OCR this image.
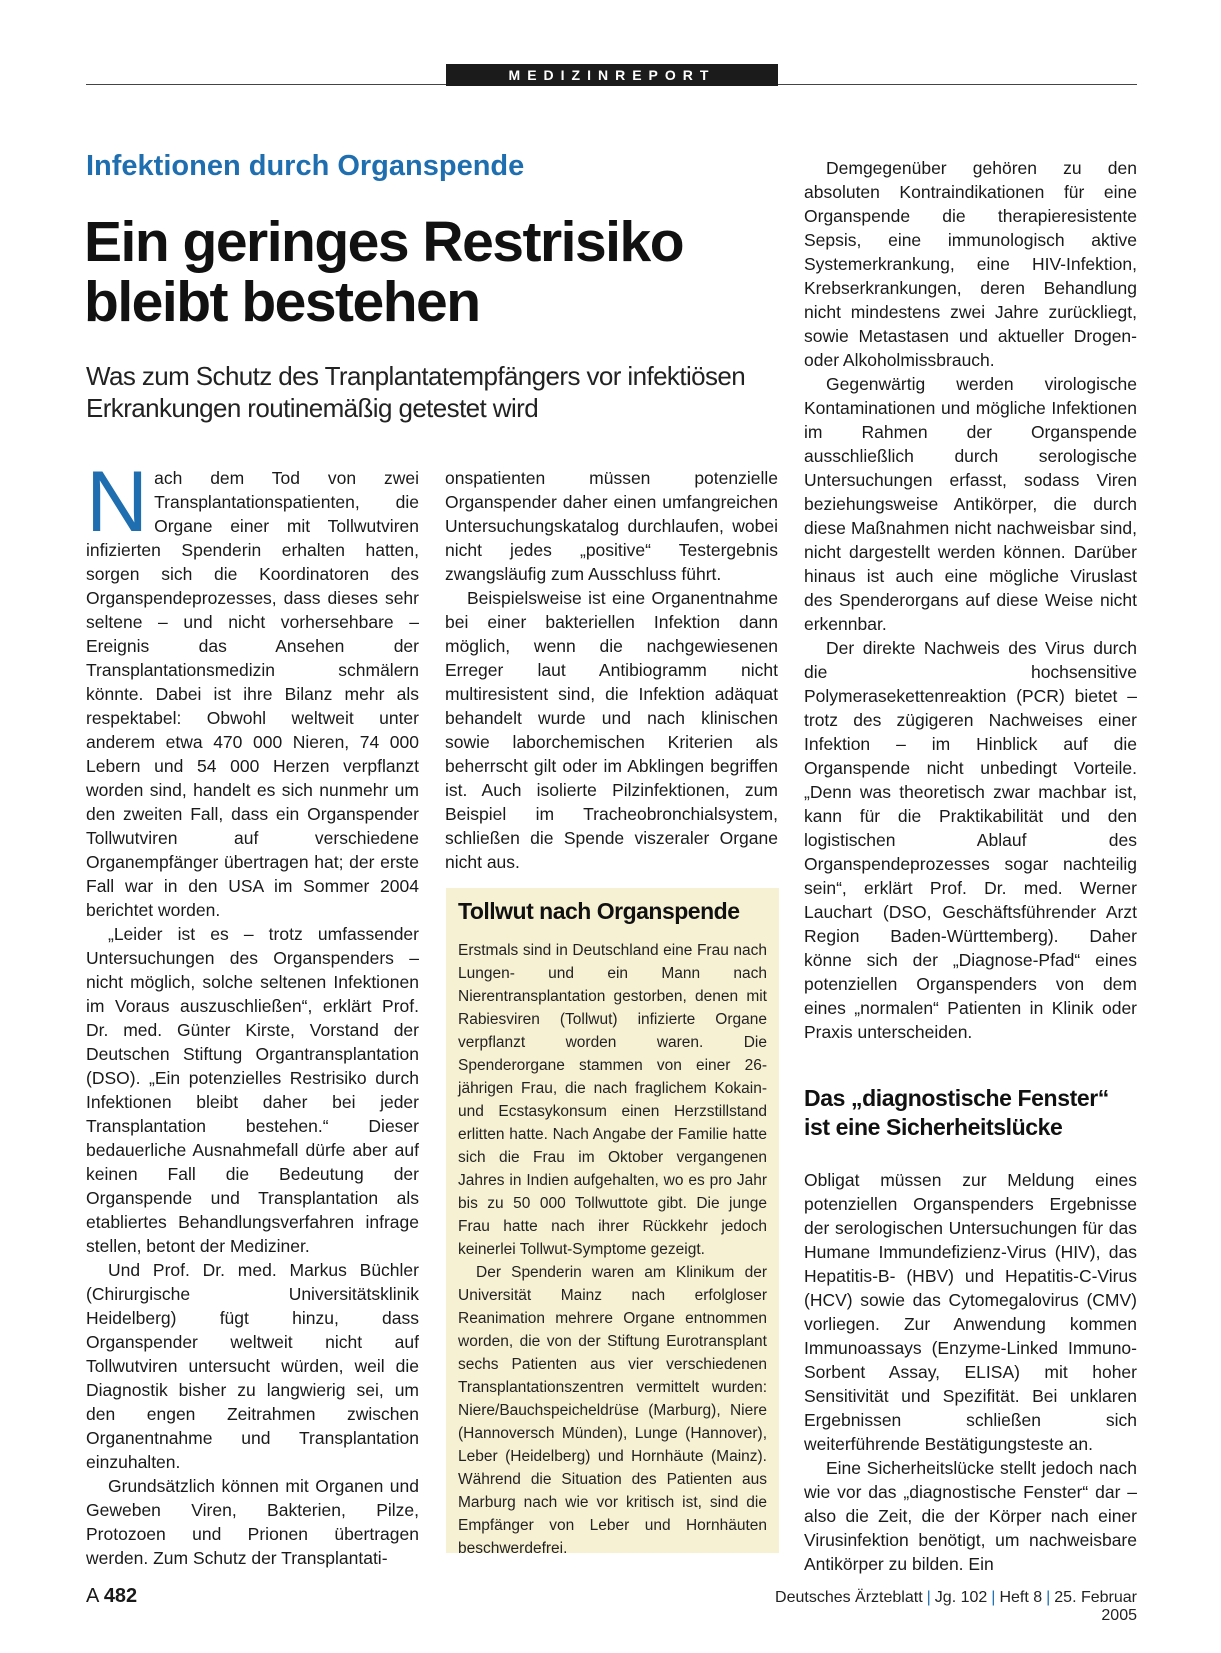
MEDIZINREPORT
Infektionen durch Organspende
Ein geringes Restrisiko
bleibt bestehen
Was zum Schutz des Tranplantatempfängers vor infektiösen
Erkrankungen routinemäßig getestet wird
N ach dem Tod von zwei Transplantationspatienten, die Organe einer mit Tollwutviren infizierten Spenderin erhalten hatten, sorgen sich die Koordinatoren des Organspendeprozesses, dass dieses sehr seltene – und nicht vorhersehbare – Ereignis das Ansehen der Transplantationsmedizin schmälern könnte. Dabei ist ihre Bilanz mehr als respektabel: Obwohl weltweit unter anderem etwa 470 000 Nieren, 74 000 Lebern und 54 000 Herzen verpflanzt worden sind, handelt es sich nunmehr um den zweiten Fall, dass ein Organspender Tollwutviren auf verschiedene Organempfänger übertragen hat; der erste Fall war in den USA im Sommer 2004 berichtet worden.

„Leider ist es – trotz umfassender Untersuchungen des Organspenders – nicht möglich, solche seltenen Infektionen im Voraus auszuschließen“, erklärt Prof. Dr. med. Günter Kirste, Vorstand der Deutschen Stiftung Organtransplantation (DSO). „Ein potenzielles Restrisiko durch Infektionen bleibt daher bei jeder Transplantation bestehen.“ Dieser bedauerliche Ausnahmefall dürfe aber auf keinen Fall die Bedeutung der Organspende und Transplantation als etabliertes Behandlungsverfahren infrage stellen, betont der Mediziner.

Und Prof. Dr. med. Markus Büchler (Chirurgische Universitätsklinik Heidelberg) fügt hinzu, dass Organspender weltweit nicht auf Tollwutviren untersucht würden, weil die Diagnostik bisher zu langwierig sei, um den engen Zeitrahmen zwischen Organentnahme und Transplantation einzuhalten.

Grundsätzlich können mit Organen und Geweben Viren, Bakterien, Pilze, Protozoen und Prionen übertragen werden. Zum Schutz der Transplantati-

onspatienten müssen potenzielle Organspender daher einen umfangreichen Untersuchungskatalog durchlaufen, wobei nicht jedes „positive“ Testergebnis zwangsläufig zum Ausschluss führt.

Beispielsweise ist eine Organentnahme bei einer bakteriellen Infektion dann möglich, wenn die nachgewiesenen Erreger laut Antibiogramm nicht multiresistent sind, die Infektion adäquat behandelt wurde und nach klinischen sowie laborchemischen Kriterien als beherrscht gilt oder im Abklingen begriffen ist. Auch isolierte Pilzinfektionen, zum Beispiel im Tracheobronchialsystem, schließen die Spende viszeraler Organe nicht aus.

Tollwut nach Organspende

Erstmals sind in Deutschland eine Frau nach Lungen- und ein Mann nach Nierentransplantation gestorben, denen mit Rabiesviren (Tollwut) infizierte Organe verpflanzt worden waren. Die Spenderorgane stammen von einer 26-jährigen Frau, die nach fraglichem Kokain- und Ecstasykonsum einen Herzstillstand erlitten hatte. Nach Angabe der Familie hatte sich die Frau im Oktober vergangenen Jahres in Indien aufgehalten, wo es pro Jahr bis zu 50 000 Tollwuttote gibt. Die junge Frau hatte nach ihrer Rückkehr jedoch keinerlei Tollwut-Symptome gezeigt.

Der Spenderin waren am Klinikum der Universität Mainz nach erfolgloser Reanimation mehrere Organe entnommen worden, die von der Stiftung Eurotransplant sechs Patienten aus vier verschiedenen Transplantationszentren vermittelt wurden: Niere/Bauchspeicheldrüse (Marburg), Niere (Hannoversch Münden), Lunge (Hannover), Leber (Heidelberg) und Hornhäute (Mainz). Während die Situation des Patienten aus Marburg nach wie vor kritisch ist, sind die Empfänger von Leber und Hornhäuten beschwerdefrei.

Demgegenüber gehören zu den absoluten Kontraindikationen für eine Organspende die therapieresistente Sepsis, eine immunologisch aktive Systemerkrankung, eine HIV-Infektion, Krebserkrankungen, deren Behandlung nicht mindestens zwei Jahre zurückliegt, sowie Metastasen und aktueller Drogen- oder Alkoholmissbrauch.

Gegenwärtig werden virologische Kontaminationen und mögliche Infektionen im Rahmen der Organspende ausschließlich durch serologische Untersuchungen erfasst, sodass Viren beziehungsweise Antikörper, die durch diese Maßnahmen nicht nachweisbar sind, nicht dargestellt werden können. Darüber hinaus ist auch eine mögliche Viruslast des Spenderorgans auf diese Weise nicht erkennbar.

Der direkte Nachweis des Virus durch die hochsensitive Polymerasekettenreaktion (PCR) bietet – trotz des zügigeren Nachweises einer Infektion – im Hinblick auf die Organspende nicht unbedingt Vorteile. „Denn was theoretisch zwar machbar ist, kann für die Praktikabilität und den logistischen Ablauf des Organspendeprozesses sogar nachteilig sein“, erklärt Prof. Dr. med. Werner Lauchart (DSO, Geschäftsführender Arzt Region Baden-Württemberg). Daher könne sich der „Diagnose-Pfad“ eines potenziellen Organspenders von dem eines „normalen“ Patienten in Klinik oder Praxis unterscheiden.

Das „diagnostische Fenster“
ist eine Sicherheitslücke

Obligat müssen zur Meldung eines potenziellen Organspenders Ergebnisse der serologischen Untersuchungen für das Humane Immundefizienz-Virus (HIV), das Hepatitis-B- (HBV) und Hepatitis-C-Virus (HCV) sowie das Cytomegalovirus (CMV) vorliegen. Zur Anwendung kommen Immunoassays (Enzyme-Linked Immuno-Sorbent Assay, ELISA) mit hoher Sensitivität und Spezifität. Bei unklaren Ergebnissen schließen sich weiterführende Bestätigungsteste an.

Eine Sicherheitslücke stellt jedoch nach wie vor das „diagnostische Fenster“ dar – also die Zeit, die der Körper nach einer Virusinfektion benötigt, um nachweisbare Antikörper zu bilden. Ein

A 482	Deutsches Ärzteblatt | Jg. 102 | Heft 8 | 25. Februar 2005
